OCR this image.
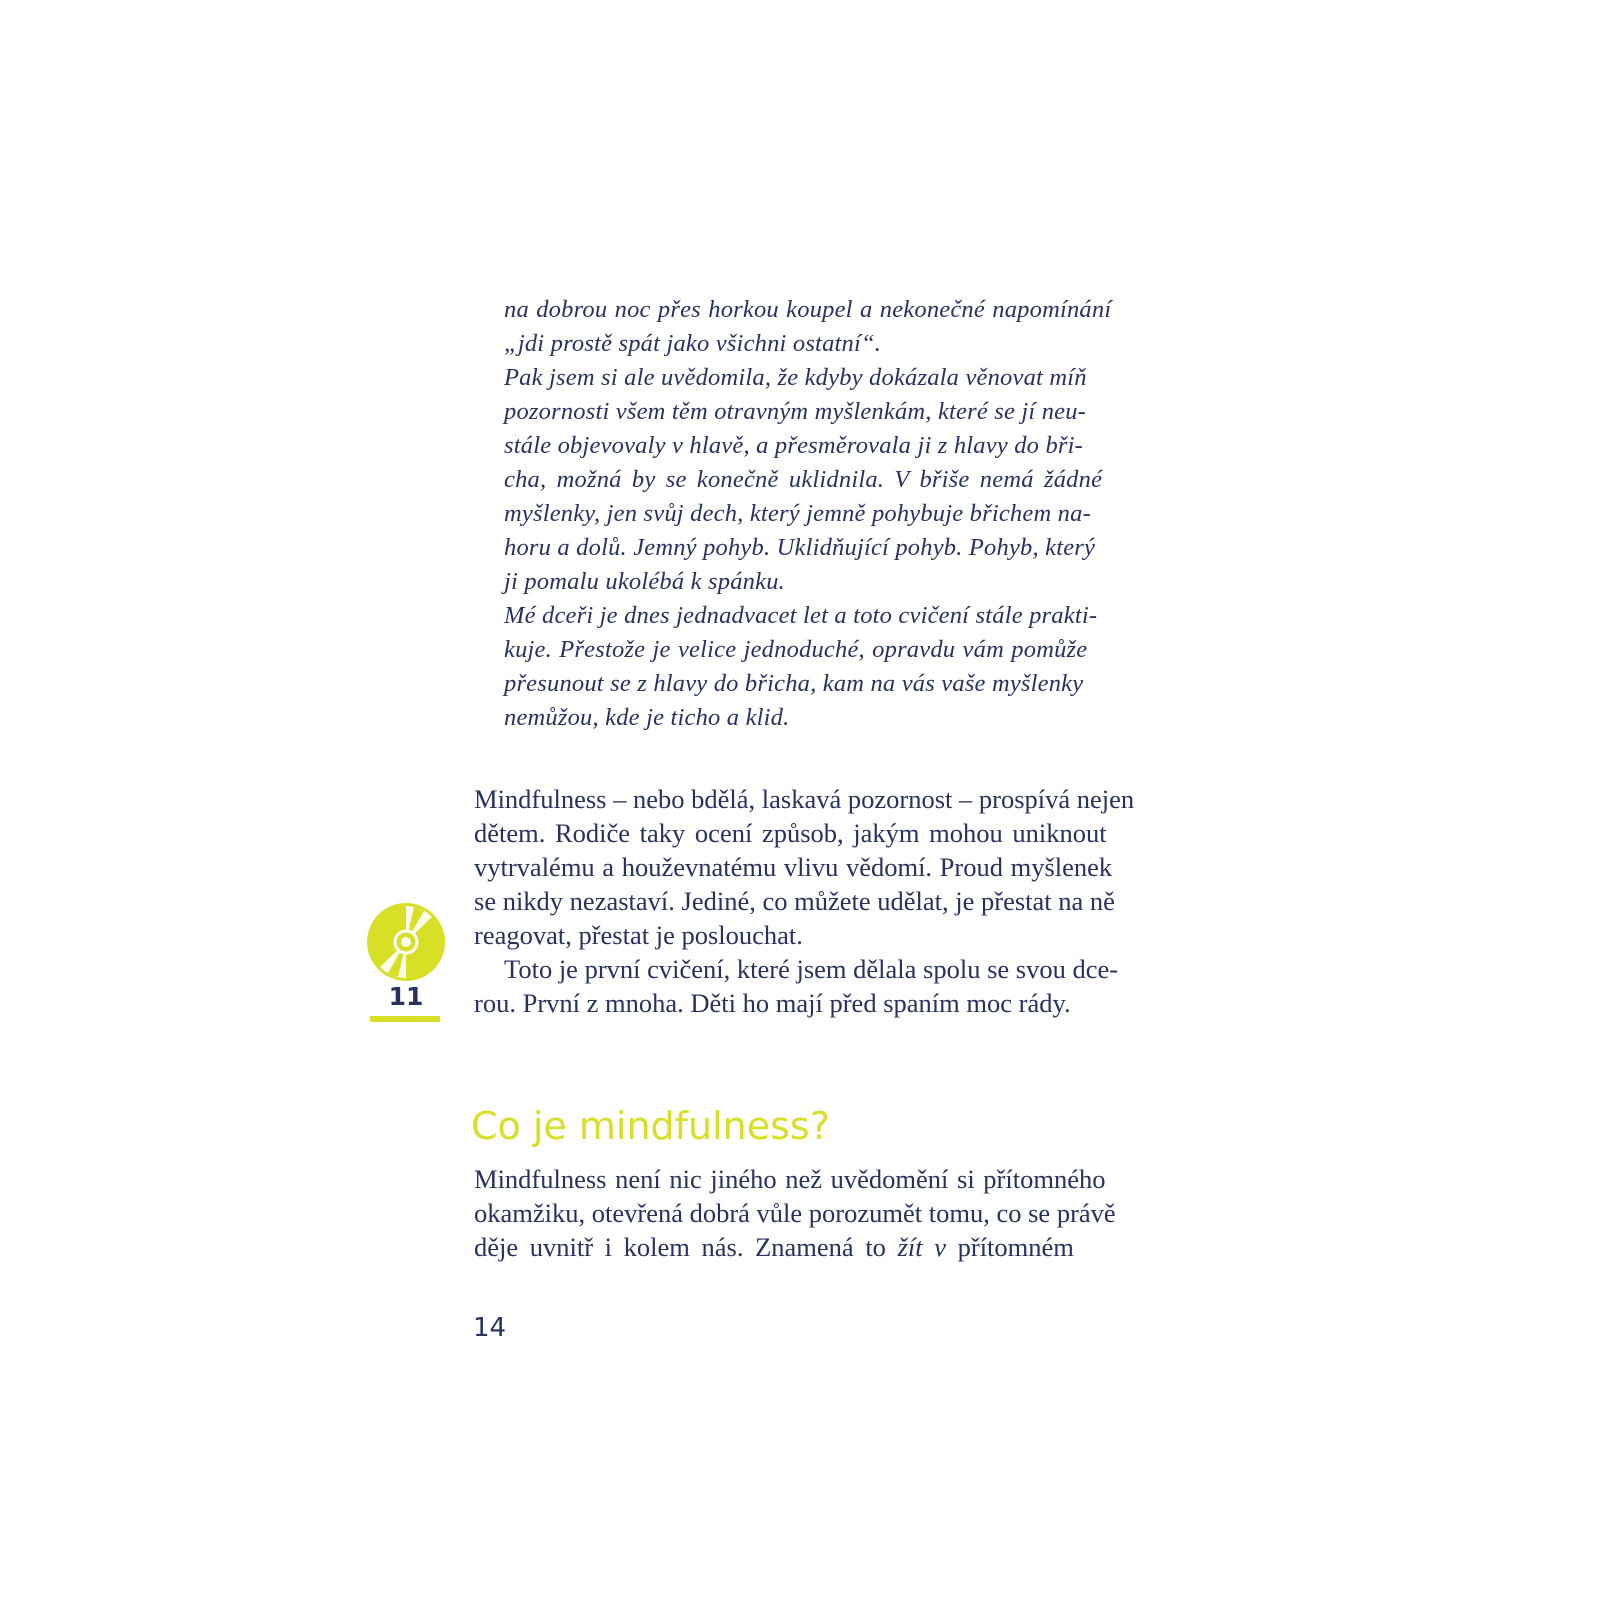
na dobrou noc přes horkou koupel a nekonečné napomínání

„jdi prostě spát jako všichni ostatní“.

Pak jsem si ale uvědomila, že kdyby dokázala věnovat míň

pozornosti všem těm otravným myšlenkám, které se jí neu-

stále objevovaly v hlavě, a přesměrovala ji z hlavy do bři-

cha, možná by se konečně uklidnila. V břiše nemá žádné

myšlenky, jen svůj dech, který jemně pohybuje břichem na-

horu a dolů. Jemný pohyb. Uklidňující pohyb. Pohyb, který

ji pomalu ukolébá k spánku.

Mé dceři je dnes jednadvacet let a toto cvičení stále prakti-

kuje. Přestože je velice jednoduché, opravdu vám pomůže

přesunout se z hlavy do břicha, kam na vás vaše myšlenky

nemůžou, kde je ticho a klid.

Mindfulness – nebo bdělá, laskavá pozornost – prospívá nejen

dětem. Rodiče taky ocení způsob, jakým mohou uniknout

vytrvalému a houževnatému vlivu vědomí. Proud myšlenek

se nikdy nezastaví. Jediné, co můžete udělat, je přestat na ně

reagovat, přestat je poslouchat.

Toto je první cvičení, které jsem dělala spolu se svou dce-

rou. První z mnoha. Děti ho mají před spaním moc rády.

11
Co je mindfulness?

Mindfulness není nic jiného než uvědomění si přítomného

okamžiku, otevřená dobrá vůle porozumět tomu, co se právě

děje uvnitř i kolem nás. Znamená to žít v přítomném

14
